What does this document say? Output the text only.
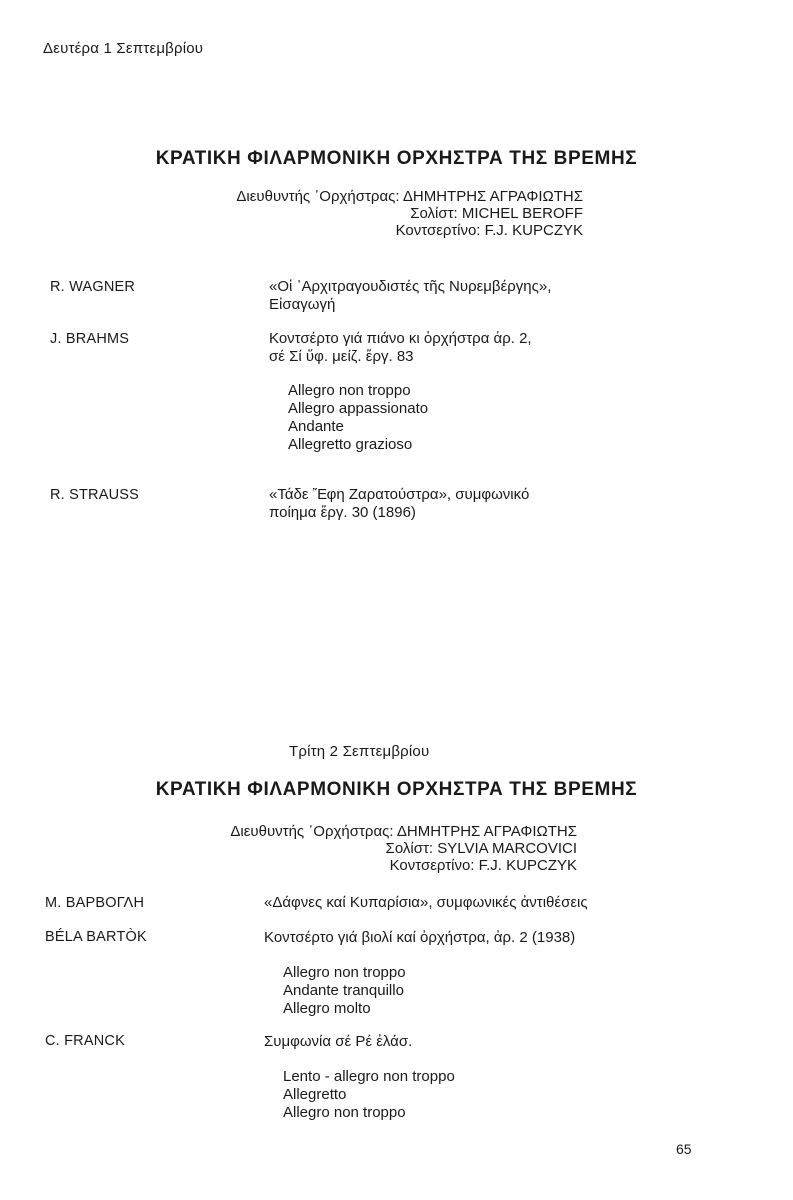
Δευτέρα 1 Σεπτεμβρίου
ΚΡΑΤΙΚΗ ΦΙΛΑΡΜΟΝΙΚΗ ΟΡΧΗΣΤΡΑ ΤΗΣ ΒΡΕΜΗΣ
Διευθυντής ᾿Ορχήστρας: ΔΗΜΗΤΡΗΣ ΑΓΡΑΦΙΩΤΗΣ
Σολίστ: MICHEL BEROFF
Κοντσερτίνο: F.J. KUPCZYK
R. WAGNER	«Οἱ ᾿Αρχιτραγουδιστές τῆς Νυρεμβέργης»,
Εἰσαγωγή
J. BRAHMS	Κοντσέρτο γιά πιάνο κι ὀρχήστρα ἀρ. 2,
σέ Σί ὕφ. μείζ. ἔργ. 83
Allegro non troppo
Allegro appassionato
Andante
Allegretto grazioso
R. STRAUSS	«Τάδε Ἔφη Ζαρατούστρα», συμφωνικό
ποίημα ἔργ. 30 (1896)
Τρίτη 2 Σεπτεμβρίου
ΚΡΑΤΙΚΗ ΦΙΛΑΡΜΟΝΙΚΗ ΟΡΧΗΣΤΡΑ ΤΗΣ ΒΡΕΜΗΣ
Διευθυντής ᾿Ορχήστρας: ΔΗΜΗΤΡΗΣ ΑΓΡΑΦΙΩΤΗΣ
Σολίστ: SYLVIA MARCOVICI
Κοντσερτίνο: F.J. KUPCZYK
Μ. ΒΑΡΒΟΓΛΗ	«Δάφνες καί Κυπαρίσια», συμφωνικές ἀντιθέσεις
BÉLA BARTÒK	Κοντσέρτο γιά βιολί καί ὀρχήστρα, ἀρ. 2 (1938)
Allegro non troppo
Andante tranquillo
Allegro molto
C. FRANCK	Συμφωνία σέ Ρέ ἐλάσ.
Lento - allegro non troppo
Allegretto
Allegro non troppo
65
